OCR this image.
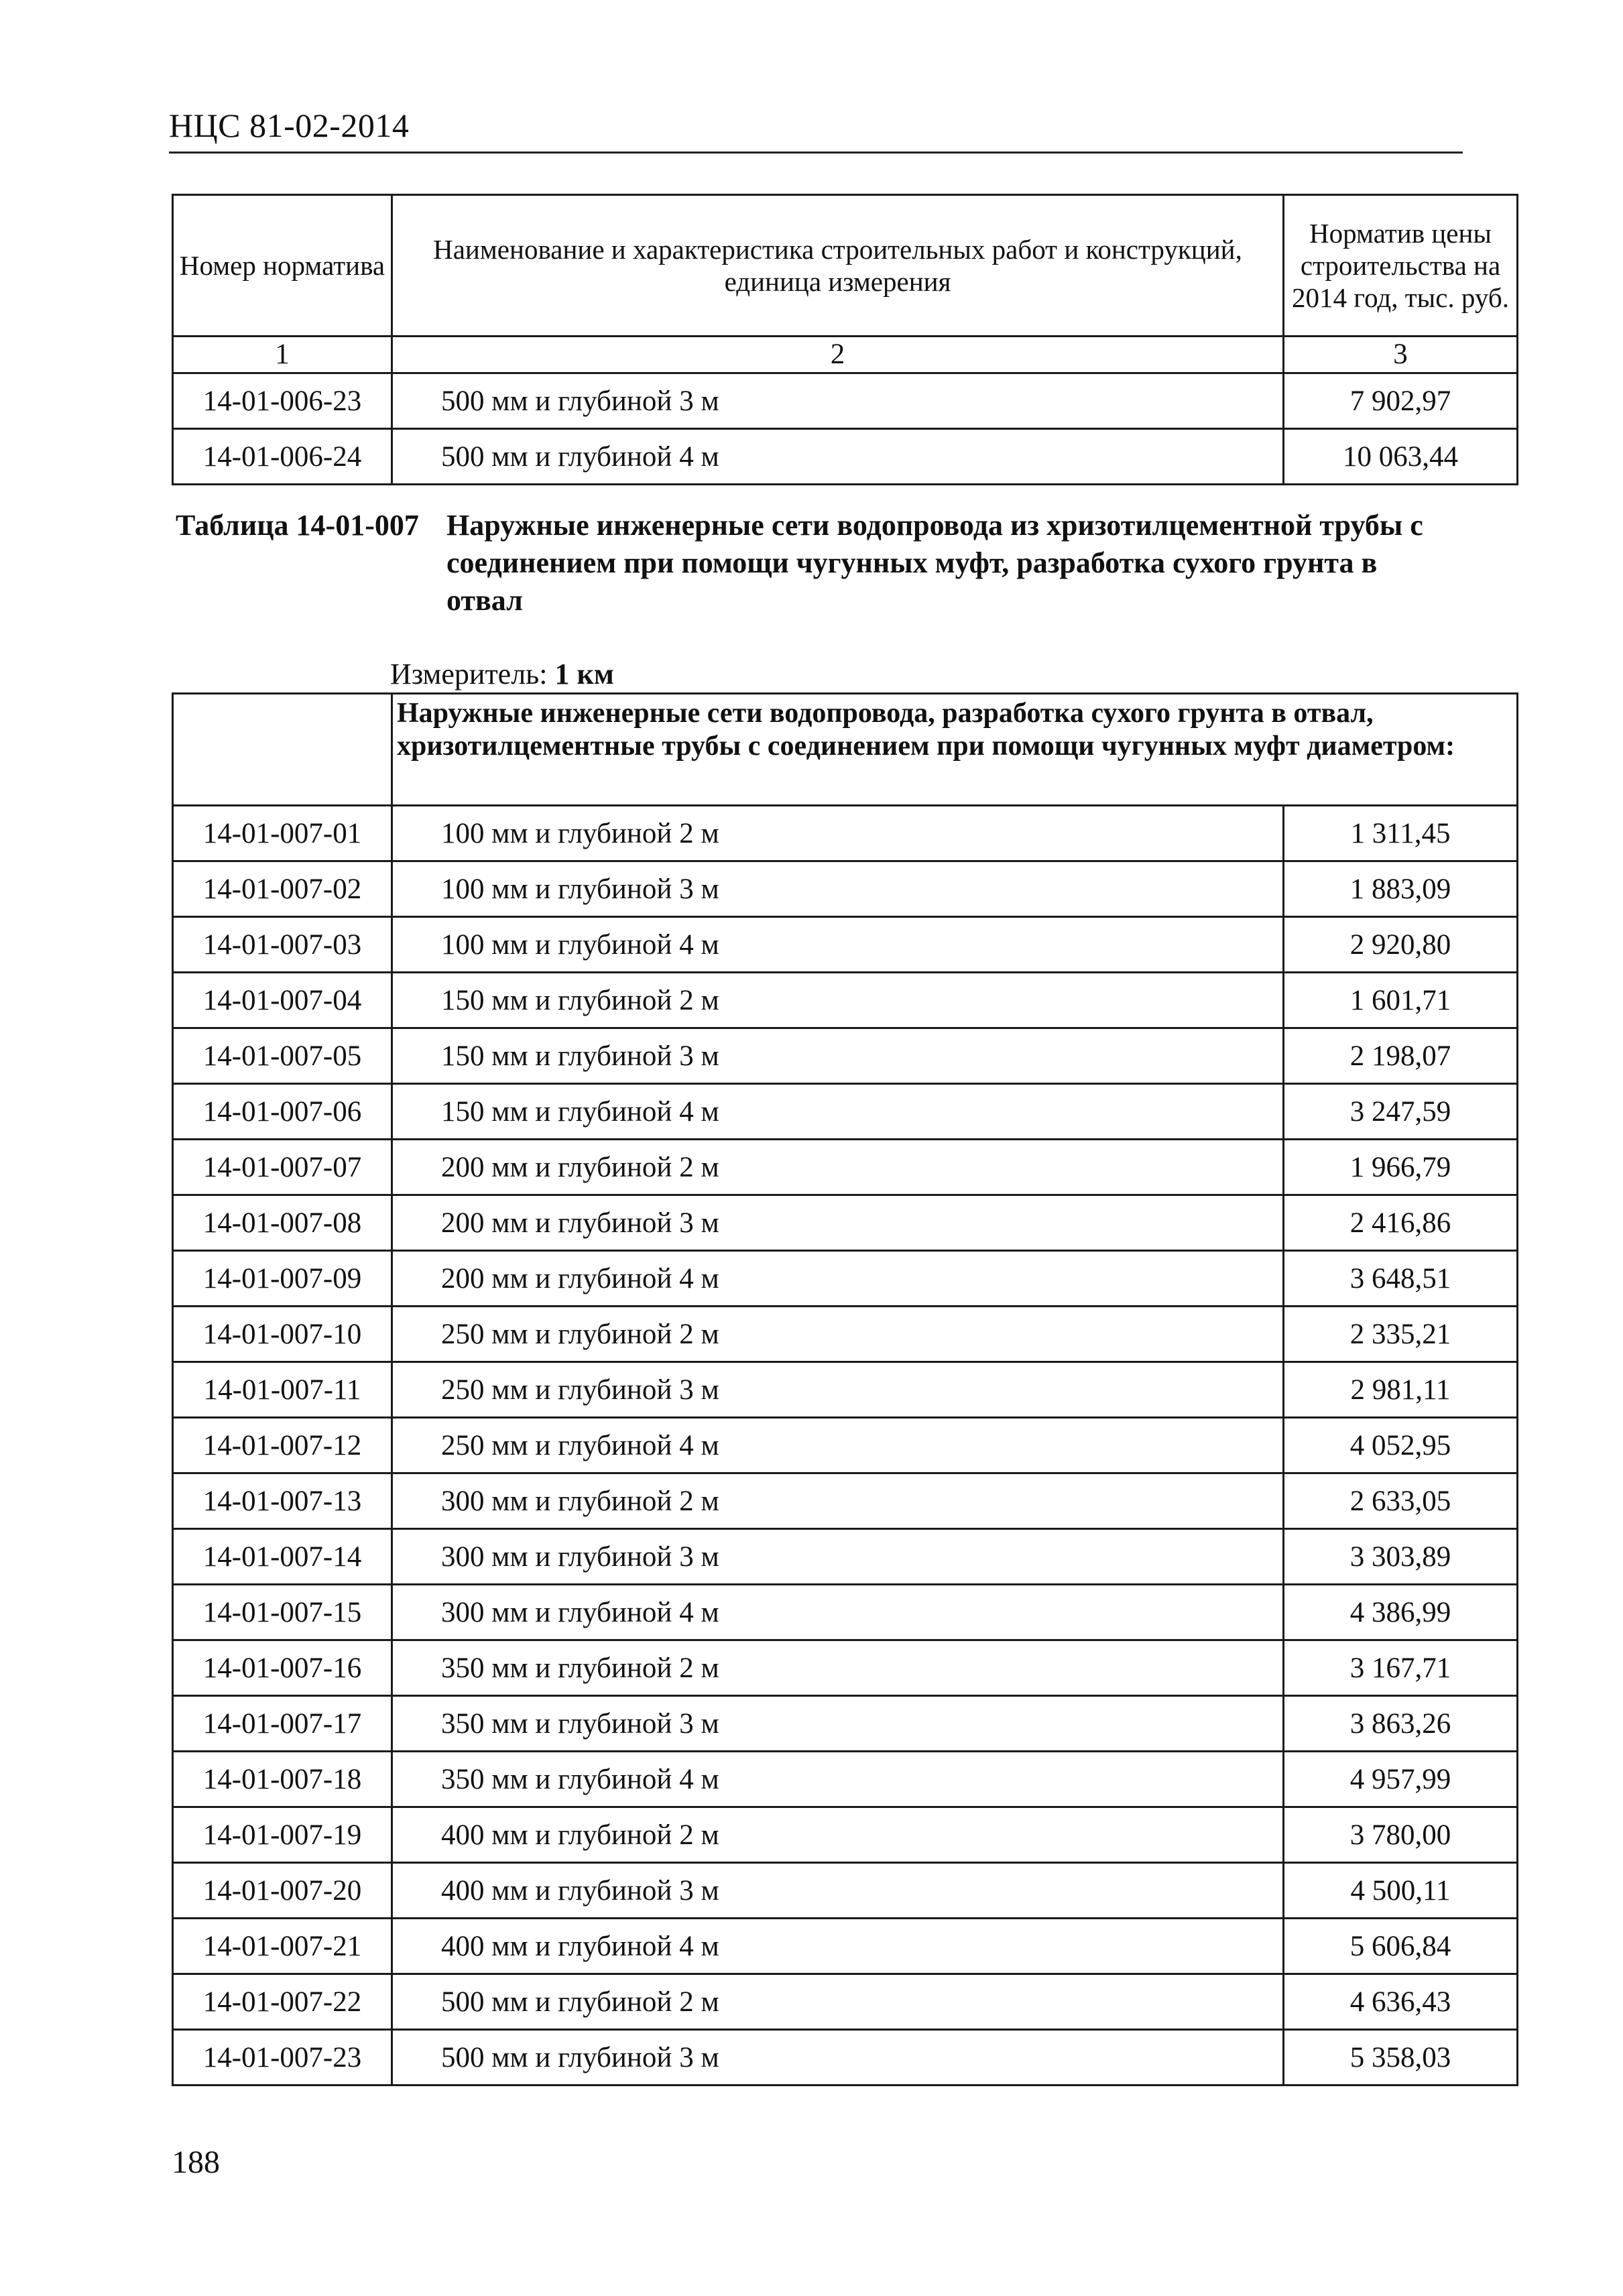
НЦС 81-02-2014
Номер норматива	Наименование и характеристика строительных работ и конструкций, единица измерения	Норматив цены строительства на 2014 год, тыс. руб.
1	2	3
14-01-006-23	500 мм и глубиной 3 м	7 902,97
14-01-006-24	500 мм и глубиной 4 м	10 063,44
Таблица 14-01-007 Наружные инженерные сети водопровода из хризотилцементной трубы с соединением при помощи чугунных муфт, разработка сухого грунта в отвал
Измеритель: 1 км
	Наружные инженерные сети водопровода, разработка сухого грунта в отвал, хризотилцементные трубы с соединением при помощи чугунных муфт диаметром:	
14-01-007-01	100 мм и глубиной 2 м	1 311,45
14-01-007-02	100 мм и глубиной 3 м	1 883,09
14-01-007-03	100 мм и глубиной 4 м	2 920,80
14-01-007-04	150 мм и глубиной 2 м	1 601,71
14-01-007-05	150 мм и глубиной 3 м	2 198,07
14-01-007-06	150 мм и глубиной 4 м	3 247,59
14-01-007-07	200 мм и глубиной 2 м	1 966,79
14-01-007-08	200 мм и глубиной 3 м	2 416,86
14-01-007-09	200 мм и глубиной 4 м	3 648,51
14-01-007-10	250 мм и глубиной 2 м	2 335,21
14-01-007-11	250 мм и глубиной 3 м	2 981,11
14-01-007-12	250 мм и глубиной 4 м	4 052,95
14-01-007-13	300 мм и глубиной 2 м	2 633,05
14-01-007-14	300 мм и глубиной 3 м	3 303,89
14-01-007-15	300 мм и глубиной 4 м	4 386,99
14-01-007-16	350 мм и глубиной 2 м	3 167,71
14-01-007-17	350 мм и глубиной 3 м	3 863,26
14-01-007-18	350 мм и глубиной 4 м	4 957,99
14-01-007-19	400 мм и глубиной 2 м	3 780,00
14-01-007-20	400 мм и глубиной 3 м	4 500,11
14-01-007-21	400 мм и глубиной 4 м	5 606,84
14-01-007-22	500 мм и глубиной 2 м	4 636,43
14-01-007-23	500 мм и глубиной 3 м	5 358,03
188
